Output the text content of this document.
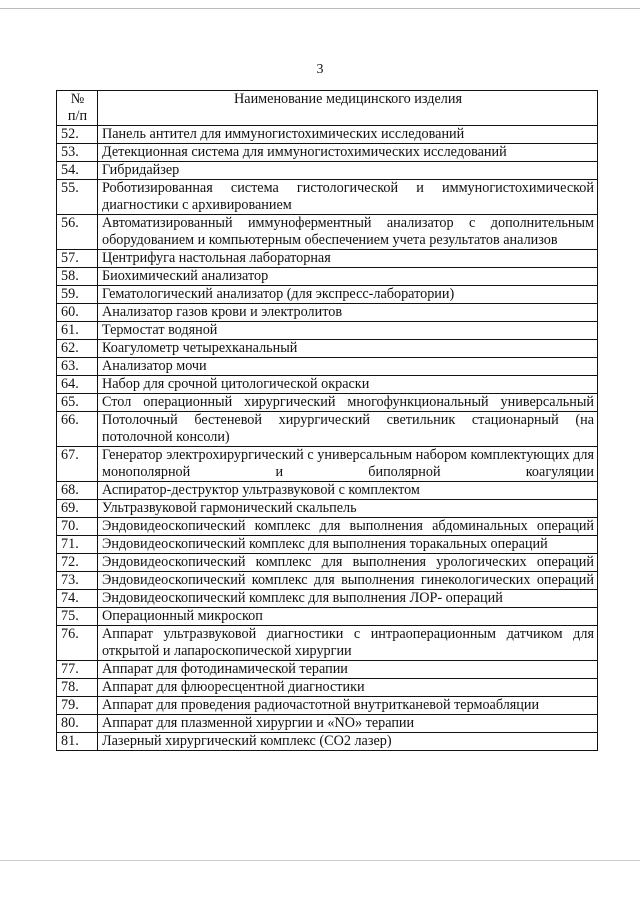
3
№
п/п	Наименование медицинского изделия
52.	Панель антител для иммуногистохимических исследований
53.	Детекционная система для иммуногистохимических исследований
54.	Гибридайзер
55.	Роботизированная система гистологической и иммуногистохимической диагностики с архивированием
56.	Автоматизированный иммуноферментный анализатор с дополнительным оборудованием и компьютерным обеспечением учета результатов анализов
57.	Центрифуга настольная лабораторная
58.	Биохимический анализатор
59.	Гематологический анализатор (для экспресс-лаборатории)
60.	Анализатор газов крови и электролитов
61.	Термостат водяной
62.	Коагулометр четырехканальный
63.	Анализатор мочи
64.	Набор для срочной цитологической окраски
65.	Стол операционный хирургический многофункциональный универсальный
66.	Потолочный бестеневой хирургический светильник стационарный (на потолочной консоли)
67.	Генератор электрохирургический с универсальным набором комплектующих для монополярной и биполярной коагуляции
68.	Аспиратор-деструктор ультразвуковой с комплектом
69.	Ультразвуковой гармонический скальпель
70.	Эндовидеоскопический комплекс для выполнения абдоминальных операций
71.	Эндовидеоскопический комплекс для выполнения торакальных операций
72.	Эндовидеоскопический комплекс для выполнения урологических операций
73.	Эндовидеоскопический комплекс для выполнения гинекологических операций
74.	Эндовидеоскопический комплекс для выполнения ЛОР- операций
75.	Операционный микроскоп
76.	Аппарат ультразвуковой диагностики с интраоперационным датчиком для открытой и лапароскопической хирургии
77.	Аппарат для фотодинамической терапии
78.	Аппарат для флюоресцентной диагностики
79.	Аппарат для проведения радиочастотной внутритканевой термоабляции
80.	Аппарат для плазменной хирургии и «NO» терапии
81.	Лазерный хирургический комплекс (СО2 лазер)
